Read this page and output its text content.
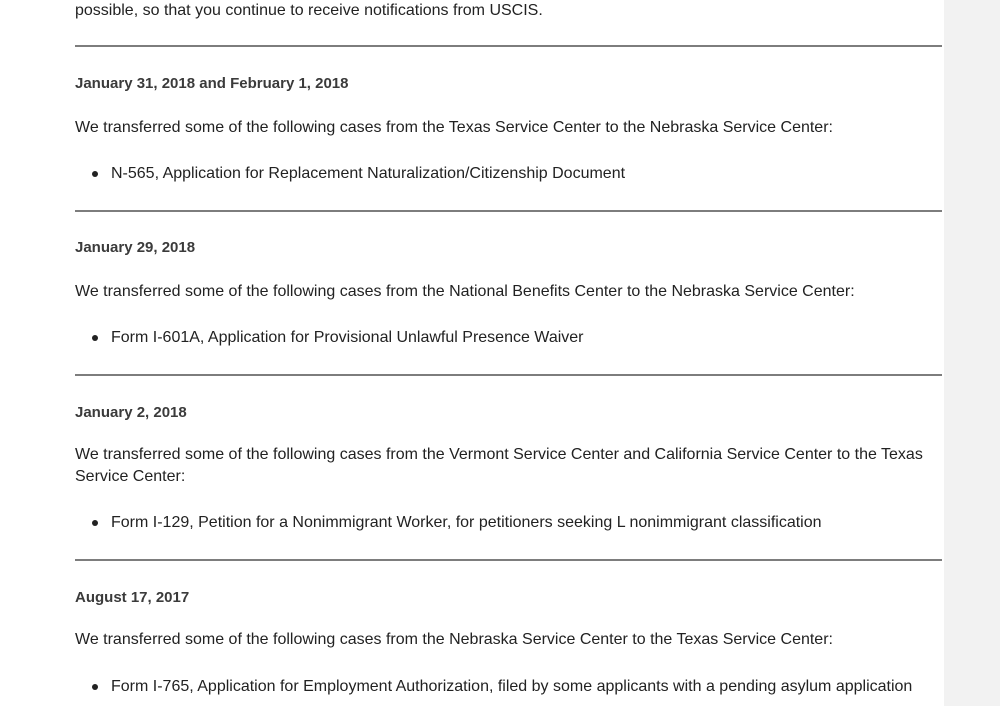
possible, so that you continue to receive notifications from USCIS.

January 31, 2018 and February 1, 2018

We transferred some of the following cases from the Texas Service Center to the Nebraska Service Center:

N-565, Application for Replacement Naturalization/Citizenship Document
January 29, 2018

We transferred some of the following cases from the National Benefits Center to the Nebraska Service Center:

Form I-601A, Application for Provisional Unlawful Presence Waiver
January 2, 2018

We transferred some of the following cases from the Vermont Service Center and California Service Center to the Texas Service Center:

Form I-129, Petition for a Nonimmigrant Worker, for petitioners seeking L nonimmigrant classification
August 17, 2017

We transferred some of the following cases from the Nebraska Service Center to the Texas Service Center:

Form I-765, Application for Employment Authorization, filed by some applicants with a pending asylum application
